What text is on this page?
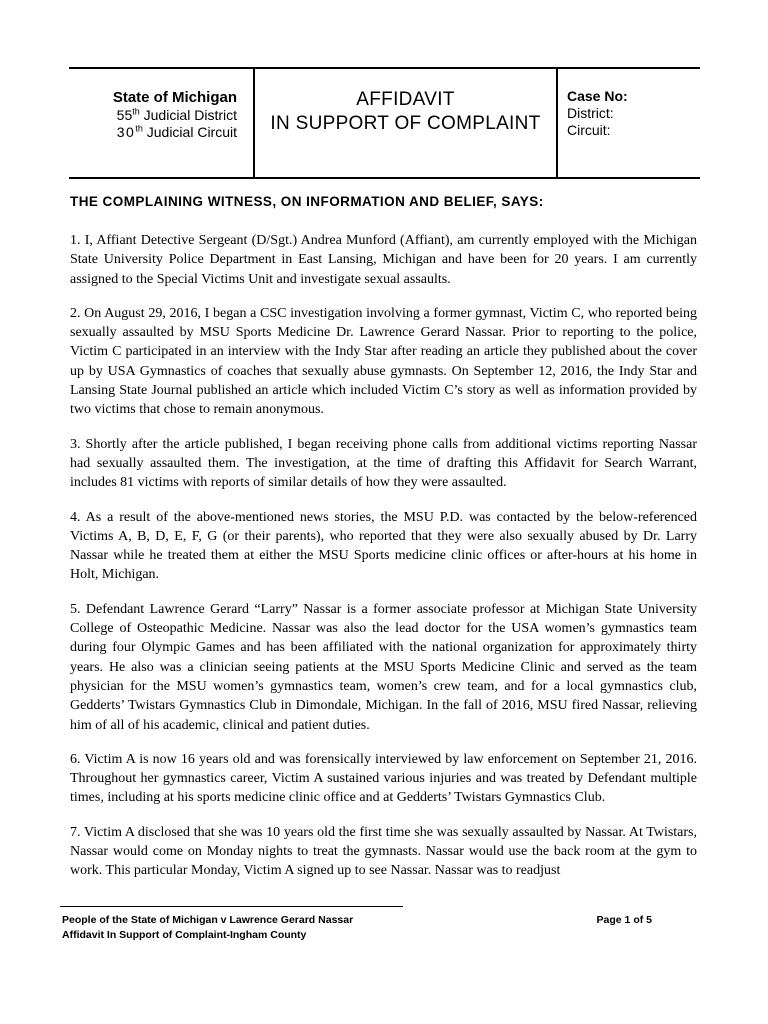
State of Michigan
55th Judicial District
30th Judicial Circuit
AFFIDAVIT
IN SUPPORT OF COMPLAINT
Case No:
District:
Circuit:
THE COMPLAINING WITNESS, ON INFORMATION AND BELIEF, SAYS:

1. I, Affiant Detective Sergeant (D/Sgt.) Andrea Munford (Affiant), am currently employed with the Michigan State University Police Department in East Lansing, Michigan and have been for 20 years. I am currently assigned to the Special Victims Unit and investigate sexual assaults.

2. On August 29, 2016, I began a CSC investigation involving a former gymnast, Victim C, who reported being sexually assaulted by MSU Sports Medicine Dr. Lawrence Gerard Nassar. Prior to reporting to the police, Victim C participated in an interview with the Indy Star after reading an article they published about the cover up by USA Gymnastics of coaches that sexually abuse gymnasts. On September 12, 2016, the Indy Star and Lansing State Journal published an article which included Victim C’s story as well as information provided by two victims that chose to remain anonymous.

3. Shortly after the article published, I began receiving phone calls from additional victims reporting Nassar had sexually assaulted them. The investigation, at the time of drafting this Affidavit for Search Warrant, includes 81 victims with reports of similar details of how they were assaulted.

4. As a result of the above-mentioned news stories, the MSU P.D. was contacted by the below-referenced Victims A, B, D, E, F, G (or their parents), who reported that they were also sexually abused by Dr. Larry Nassar while he treated them at either the MSU Sports medicine clinic offices or after-hours at his home in Holt, Michigan.

5. Defendant Lawrence Gerard “Larry” Nassar is a former associate professor at Michigan State University College of Osteopathic Medicine. Nassar was also the lead doctor for the USA women’s gymnastics team during four Olympic Games and has been affiliated with the national organization for approximately thirty years. He also was a clinician seeing patients at the MSU Sports Medicine Clinic and served as the team physician for the MSU women’s gymnastics team, women’s crew team, and for a local gymnastics club, Gedderts’ Twistars Gymnastics Club in Dimondale, Michigan. In the fall of 2016, MSU fired Nassar, relieving him of all of his academic, clinical and patient duties.

6. Victim A is now 16 years old and was forensically interviewed by law enforcement on September 21, 2016. Throughout her gymnastics career, Victim A sustained various injuries and was treated by Defendant multiple times, including at his sports medicine clinic office and at Gedderts’ Twistars Gymnastics Club.

7. Victim A disclosed that she was 10 years old the first time she was sexually assaulted by Nassar. At Twistars, Nassar would come on Monday nights to treat the gymnasts. Nassar would use the back room at the gym to work. This particular Monday, Victim A signed up to see Nassar. Nassar was to readjust

People of the State of Michigan v Lawrence Gerard Nassar
Affidavit In Support of Complaint-Ingham County
Page 1 of 5
